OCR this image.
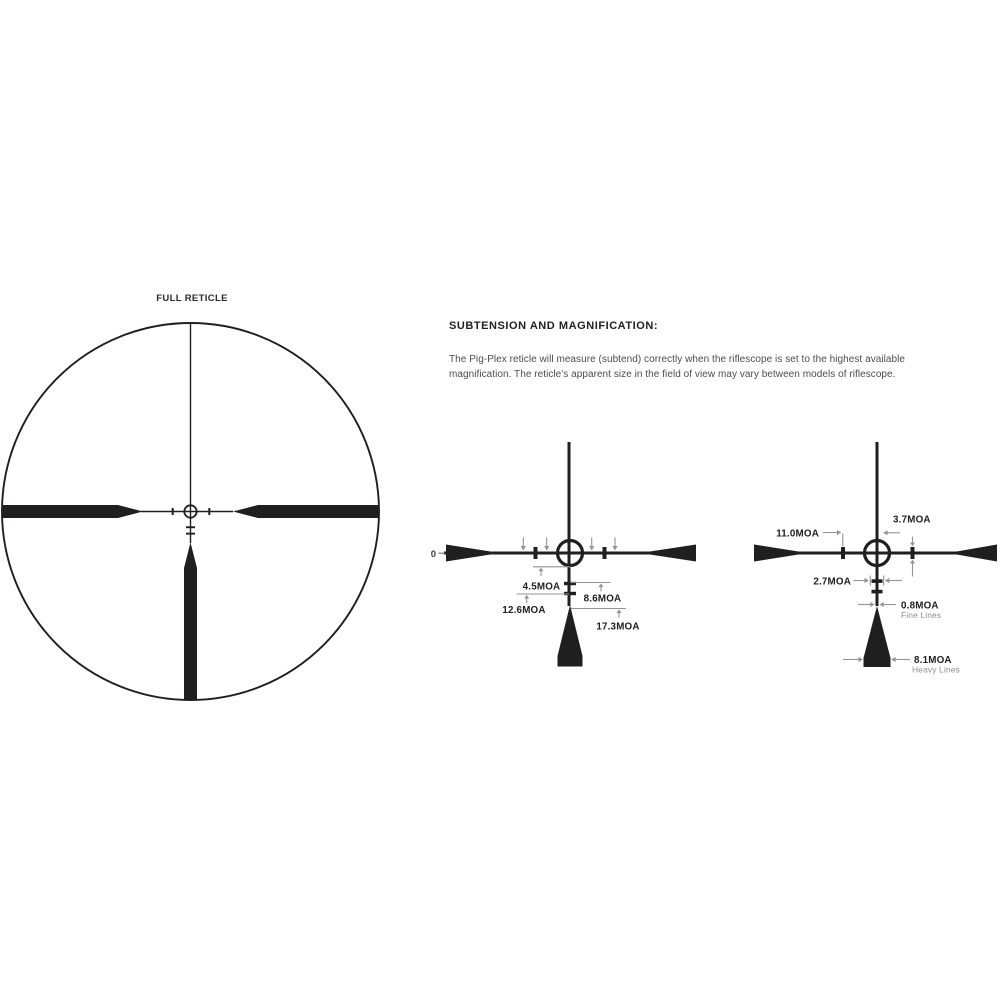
FULL RETICLE
SUBTENSION AND MAGNIFICATION:
The Pig-Plex reticle will measure (subtend) correctly when the riflescope is set to the highest available
magnification. The reticle's apparent size in the field of view may vary between models of riflescope.
0
4.5MOA
8.6MOA
12.6MOA
17.3MOA
11.0MOA
3.7MOA
2.7MOA
0.8MOA
Fine Lines
8.1MOA
Heavy Lines
